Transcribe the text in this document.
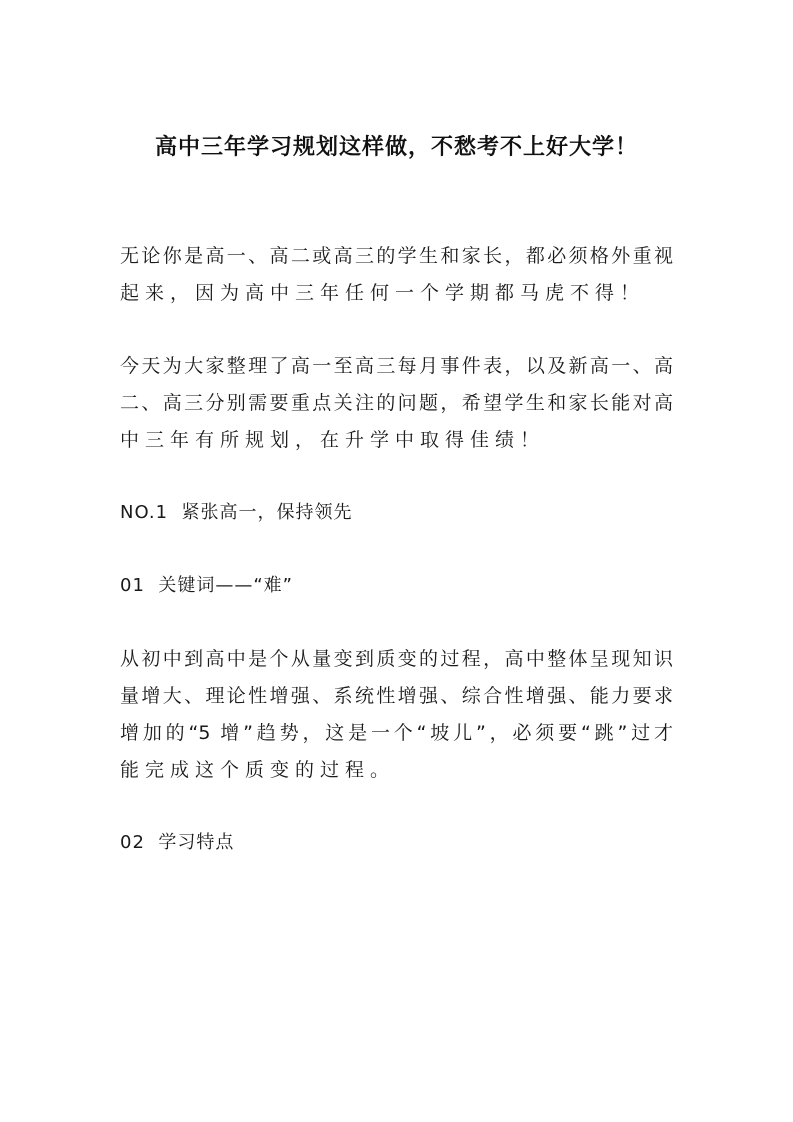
高中三年学习规划这样做，不愁考不上好大学！
无论你是高一、高二或高三的学生和家长，都必须格外重视
起来，因为高中三年任何一个学期都马虎不得！
今天为大家整理了高一至高三每月事件表，以及新高一、高
二、高三分别需要重点关注的问题，希望学生和家长能对高
中三年有所规划，在升学中取得佳绩！
NO.1  紧张高一，保持领先
01  关键词——“难”
从初中到高中是个从量变到质变的过程，高中整体呈现知识
量增大、理论性增强、系统性增强、综合性增强、能力要求
增加的“5 增”趋势，这是一个“坡儿”，必须要“跳”过才
能完成这个质变的过程。
02  学习特点
